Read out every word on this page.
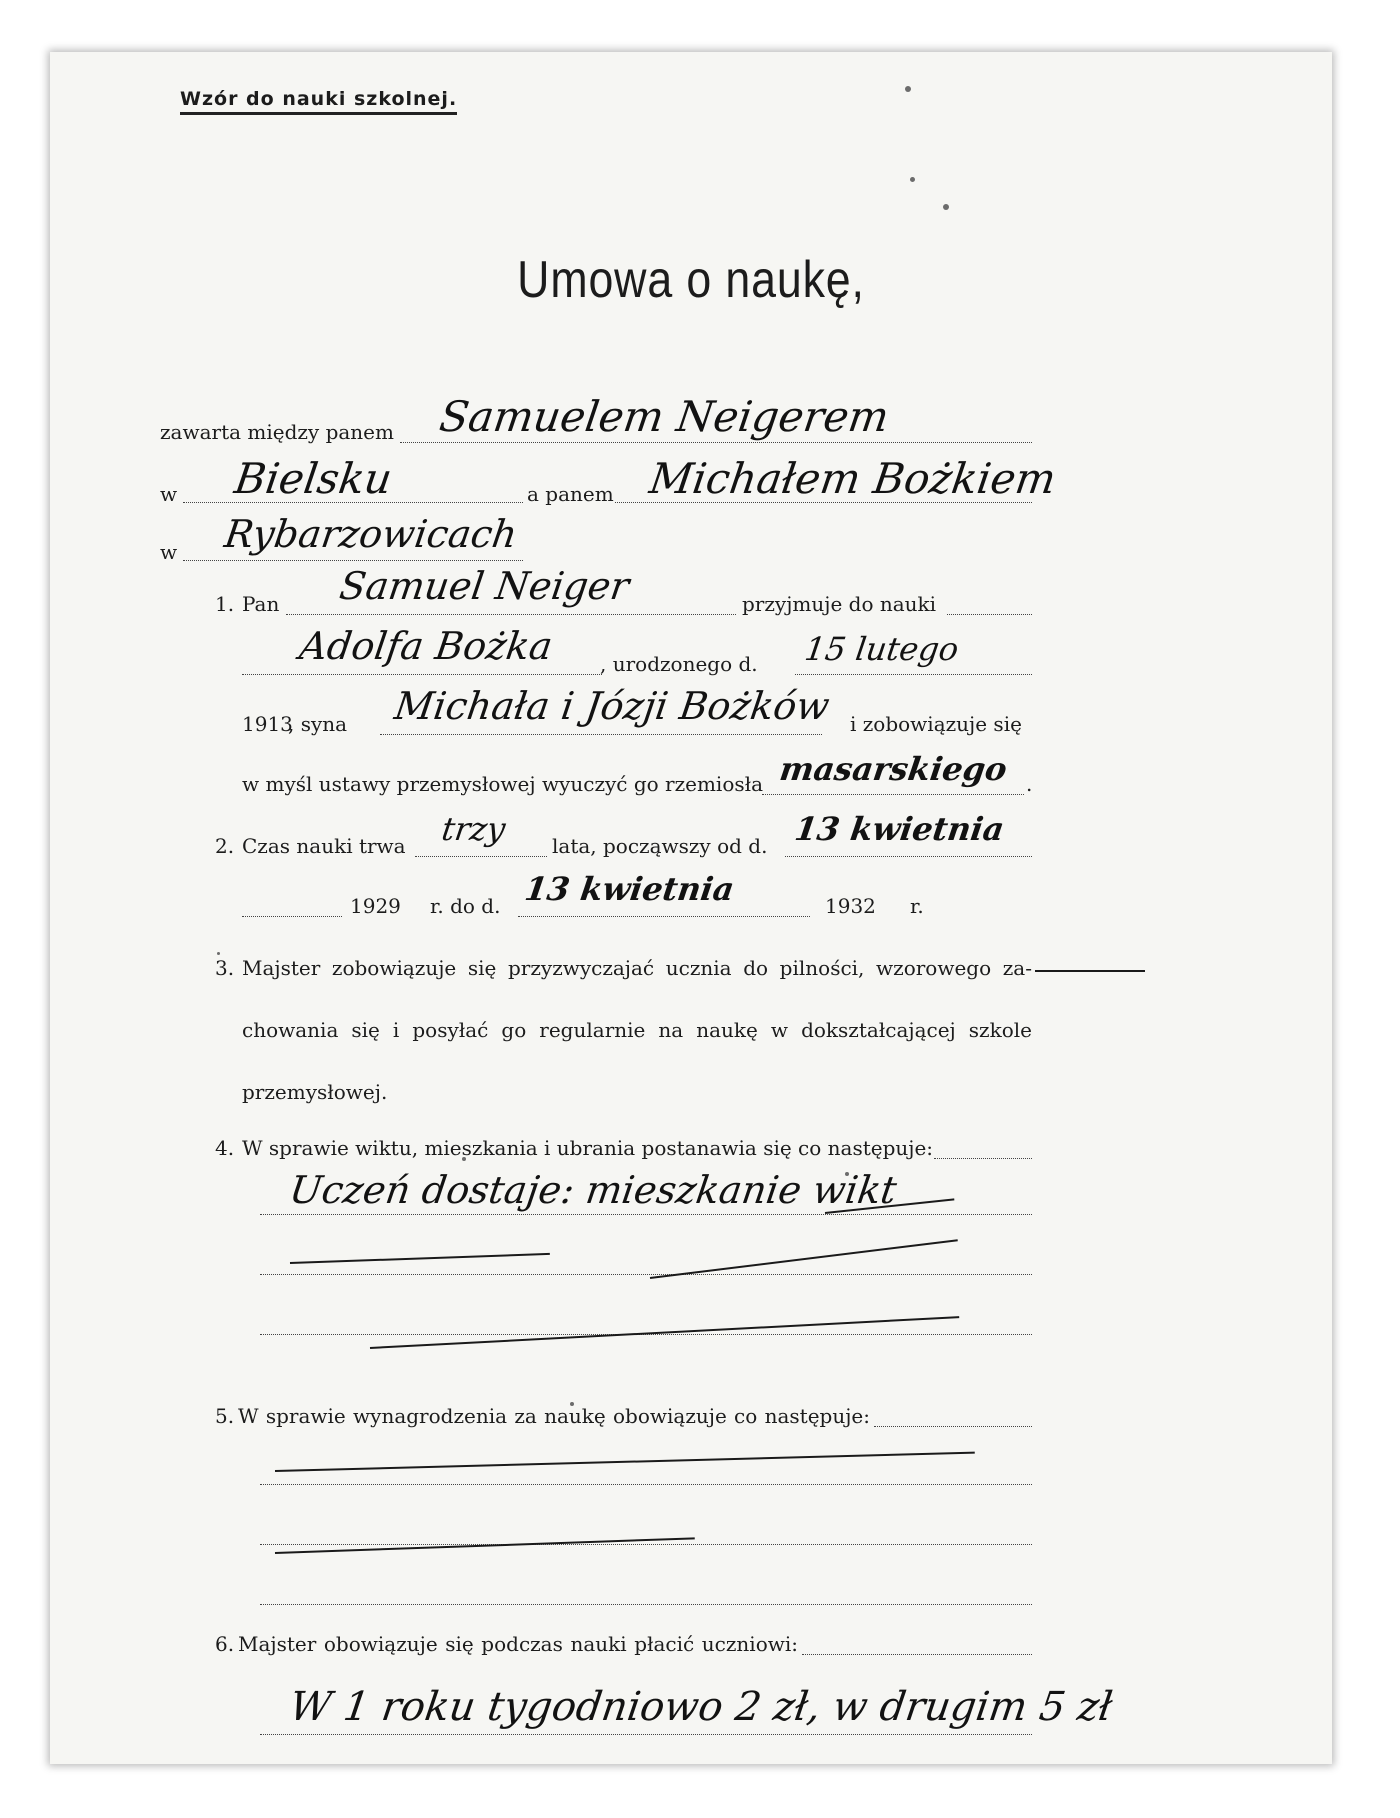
Wzór do nauki szkolnej.
Umowa o naukę,
zawarta między panem Samuelem Neigerem
w Bielsku	a panem Michałem Bożkiem
w Rybarzowicach
1. Pan Samuel Neiger	przyjmuje do nauki
Adolfa Bożka , urodzonego d. 15 lutego
1913
, syna Michała i Józji Bożków i zobowiązuje się
w myśl ustawy przemysłowej wyuczyć go rzemiosła masarskiego .
2. Czas nauki trwa trzy lata, począwszy od d. 13 kwietnia
1929 r. do d. 13 kwietnia	1932 r.
3. Majster zobowiązuje się przyzwyczajać ucznia do pilności, wzorowego za-
chowania się i posyłać go regularnie na naukę w dokształcającej szkole
przemysłowej.
4. W sprawie wiktu, mieszkania i ubrania postanawia się co następuje:
Uczeń dostaje: mieszkanie wikt
5. W sprawie wynagrodzenia za naukę obowiązuje co następuje:
6. Majster obowiązuje się podczas nauki płacić uczniowi:
W 1 roku tygodniowo 2 zł, w drugim 5 zł
